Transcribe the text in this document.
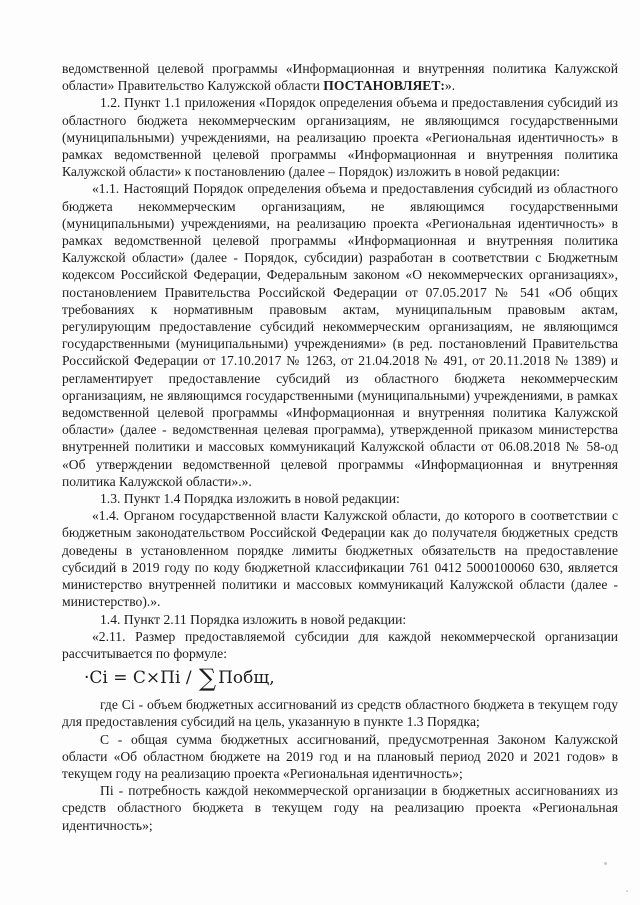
ведомственной целевой программы «Информационная и внутренняя политика Калужской области» Правительство Калужской области ПОСТАНОВЛЯЕТ:».

1.2. Пункт 1.1 приложения «Порядок определения объема и предоставления субсидий из областного бюджета некоммерческим организациям, не являющимся государственными (муниципальными) учреждениями, на реализацию проекта «Региональная идентичность» в рамках ведомственной целевой программы «Информационная и внутренняя политика Калужской области» к постановлению (далее – Порядок) изложить в новой редакции:

«1.1. Настоящий Порядок определения объема и предоставления субсидий из областного бюджета некоммерческим организациям, не являющимся государственными (муниципальными) учреждениями, на реализацию проекта «Региональная идентичность» в рамках ведомственной целевой программы «Информационная и внутренняя политика Калужской области» (далее - Порядок, субсидии) разработан в соответствии с Бюджетным кодексом Российской Федерации, Федеральным законом «О некоммерческих организациях», постановлением Правительства Российской Федерации от 07.05.2017 № 541 «Об общих требованиях к нормативным правовым актам, муниципальным правовым актам, регулирующим предоставление субсидий некоммерческим организациям, не являющимся государственными (муниципальными) учреждениями» (в ред. постановлений Правительства Российской Федерации от 17.10.2017 № 1263, от 21.04.2018 № 491, от 20.11.2018 № 1389) и регламентирует предоставление субсидий из областного бюджета некоммерческим организациям, не являющимся государственными (муниципальными) учреждениями, в рамках ведомственной целевой программы «Информационная и внутренняя политика Калужской области» (далее - ведомственная целевая программа), утвержденной приказом министерства внутренней политики и массовых коммуникаций Калужской области от 06.08.2018 № 58-од «Об утверждении ведомственной целевой программы «Информационная и внутренняя политика Калужской области».».

1.3. Пункт 1.4 Порядка изложить в новой редакции:

«1.4. Органом государственной власти Калужской области, до которого в соответствии с бюджетным законодательством Российской Федерации как до получателя бюджетных средств доведены в установленном порядке лимиты бюджетных обязательств на предоставление субсидий в 2019 году по коду бюджетной классификации 761 0412 5000100060 630, является министерство внутренней политики и массовых коммуникаций Калужской области (далее - министерство).».

1.4. Пункт 2.11 Порядка изложить в новой редакции:

«2.11. Размер предоставляемой субсидии для каждой некоммерческой организации рассчитывается по формуле:

·Ci = C×Пi / ∑ Побщ,

где Ci - объем бюджетных ассигнований из средств областного бюджета в текущем году для предоставления субсидий на цель, указанную в пункте 1.3 Порядка;

С - общая сумма бюджетных ассигнований, предусмотренная Законом Калужской области «Об областном бюджете на 2019 год и на плановый период 2020 и 2021 годов» в текущем году на реализацию проекта «Региональная идентичность»;

Пi - потребность каждой некоммерческой организации в бюджетных ассигнованиях из средств областного бюджета в текущем году на реализацию проекта «Региональная идентичность»;
